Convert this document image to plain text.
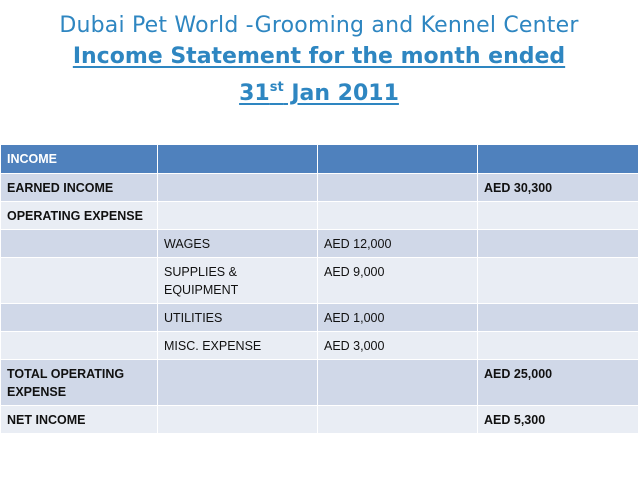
Dubai Pet World -Grooming and Kennel Center
Income Statement for the month ended
31st Jan 2011
INCOME			
EARNED INCOME			AED 30,300
OPERATING EXPENSE			
	WAGES	AED 12,000	
	SUPPLIES & EQUIPMENT	AED 9,000	
	UTILITIES	AED 1,000	
	MISC. EXPENSE	AED 3,000	
TOTAL OPERATING EXPENSE			AED 25,000
NET INCOME			AED 5,300
